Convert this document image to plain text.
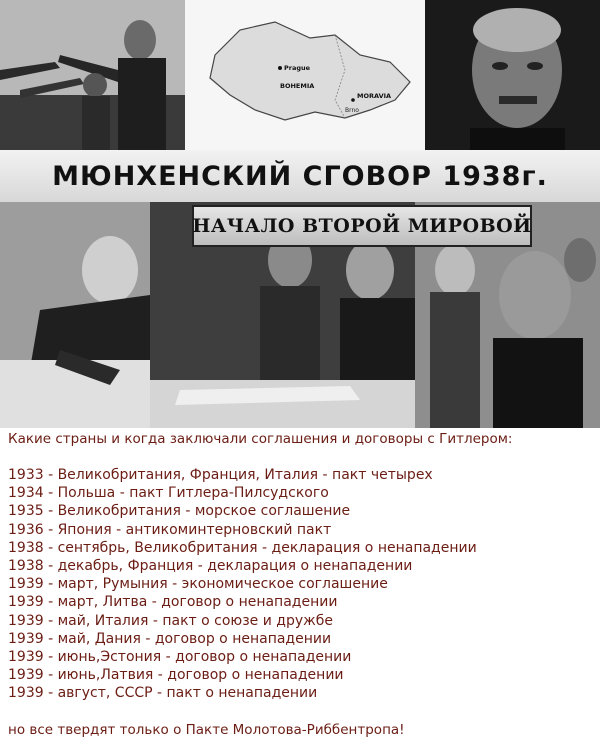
Prague
BOHEMIA
MORAVIA
Brno
МЮНХЕНСКИЙ СГОВОР 1938г.
НАЧАЛО ВТОРОЙ МИРОВОЙ

Какие страны и когда заключали соглашения и договоры с Гитлером:

1933 - Великобритания, Франция, Италия - пакт четырех
1934 - Польша - пакт Гитлера-Пилсудского
1935 - Великобритания - морское соглашение
1936 - Япония - антикоминтерновский пакт
1938 - сентябрь, Великобритания - декларация о ненападении
1938 - декабрь, Франция - декларация о ненападении
1939 - март, Румыния - экономическое соглашение
1939 - март, Литва - договор о ненападении
1939 - май, Италия - пакт о союзе и дружбе
1939 - май, Дания - договор о ненападении
1939 - июнь,Эстония - договор о ненападении
1939 - июнь,Латвия - договор о ненападении
1939 - август, СССР - пакт о ненападении

но все твердят только о Пакте Молотова-Риббентропа!
